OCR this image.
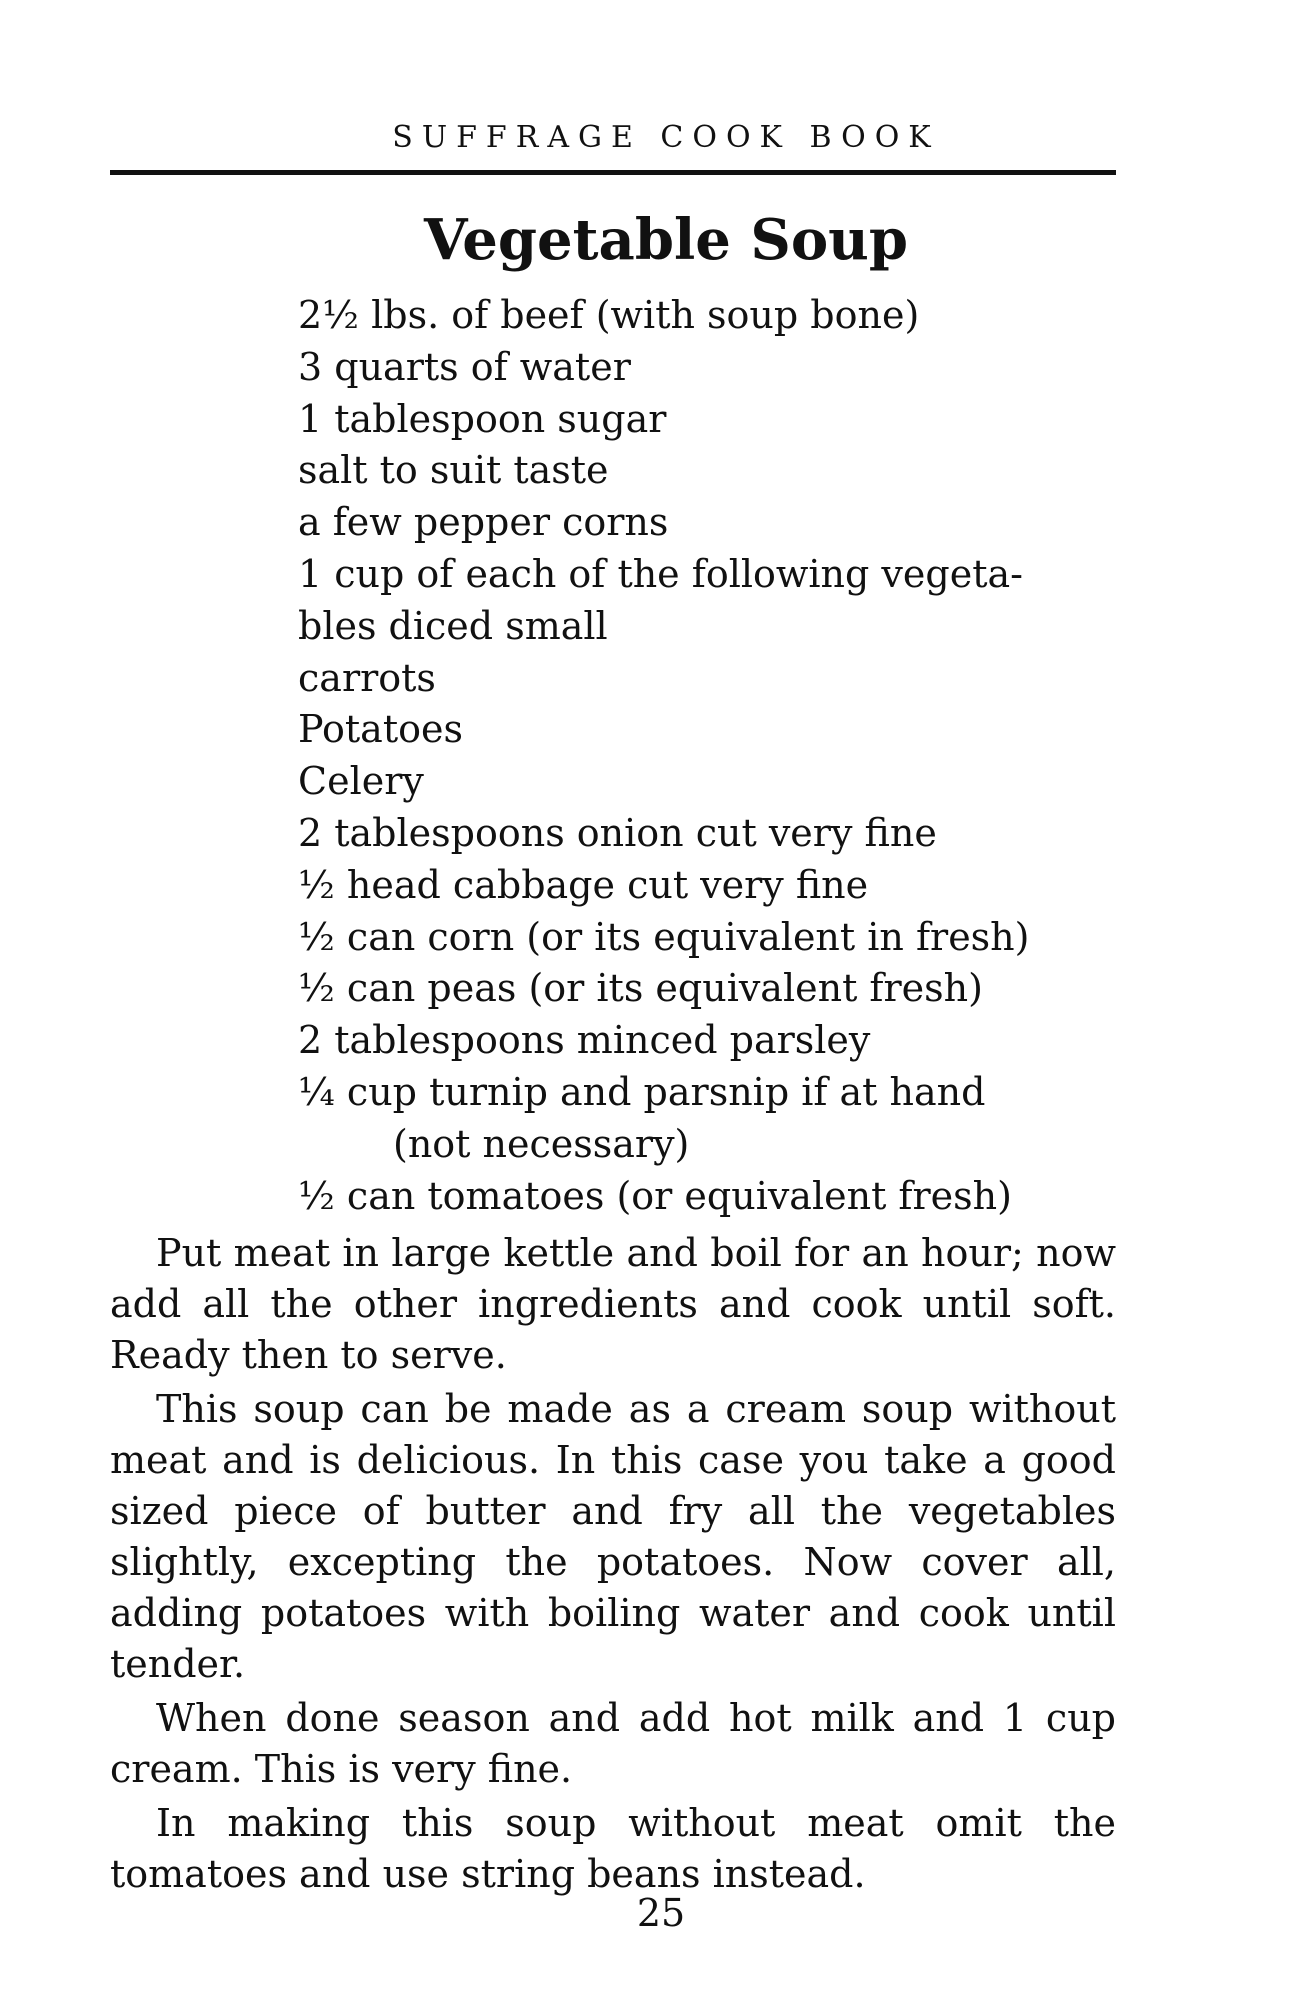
SUFFRAGE COOK BOOK
Vegetable Soup
2½ lbs. of beef (with soup bone)
3 quarts of water
1 tablespoon sugar
salt to suit taste
a few pepper corns
1 cup of each of the following vegeta-
bles diced small
carrots
Potatoes
Celery
2 tablespoons onion cut very fine
½ head cabbage cut very fine
½ can corn (or its equivalent in fresh)
½ can peas (or its equivalent fresh)
2 tablespoons minced parsley
¼ cup turnip and parsnip if at hand
(not necessary)
½ can tomatoes (or equivalent fresh)

Put meat in large kettle and boil for an hour; now add all the other ingredients and cook until soft. Ready then to serve.

This soup can be made as a cream soup without meat and is delicious. In this case you take a good sized piece of butter and fry all the vegetables slightly, excepting the potatoes. Now cover all, adding potatoes with boiling water and cook until tender.

When done season and add hot milk and 1 cup cream. This is very fine.

In making this soup without meat omit the tomatoes and use string beans instead.

25
